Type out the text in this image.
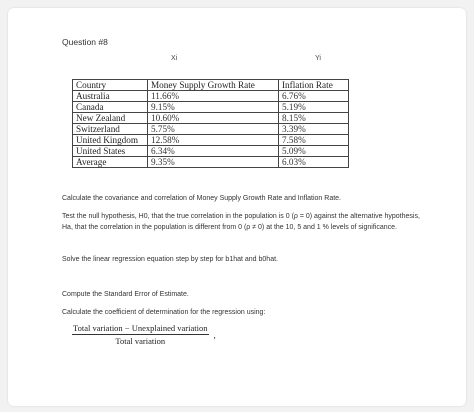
Question #8
Xi	Yi
Country	Money Supply Growth Rate	Inflation Rate
Australia	11.66%	6.76%
Canada	9.15%	5.19%
New Zealand	10.60%	8.15%
Switzerland	5.75%	3.39%
United Kingdom	12.58%	7.58%
United States	6.34%	5.09%
Average	9.35%	6.03%
Calculate the covariance and correlation of Money Supply Growth Rate and Inflation Rate.
Test the null hypothesis, H0, that the true correlation in the population is 0 (ρ = 0) against the alternative hypothesis, Ha, that the correlation in the population is different from 0 (ρ ≠ 0) at the 10, 5 and 1 % levels of significance.
Solve the linear regression equation step by step for b1hat and b0hat.
Compute the Standard Error of Estimate.
Calculate the coefficient of determination for the regression using:
$\frac{\text{Total variation − Unexplained variation}}{\text{Total variation}}$ ,
